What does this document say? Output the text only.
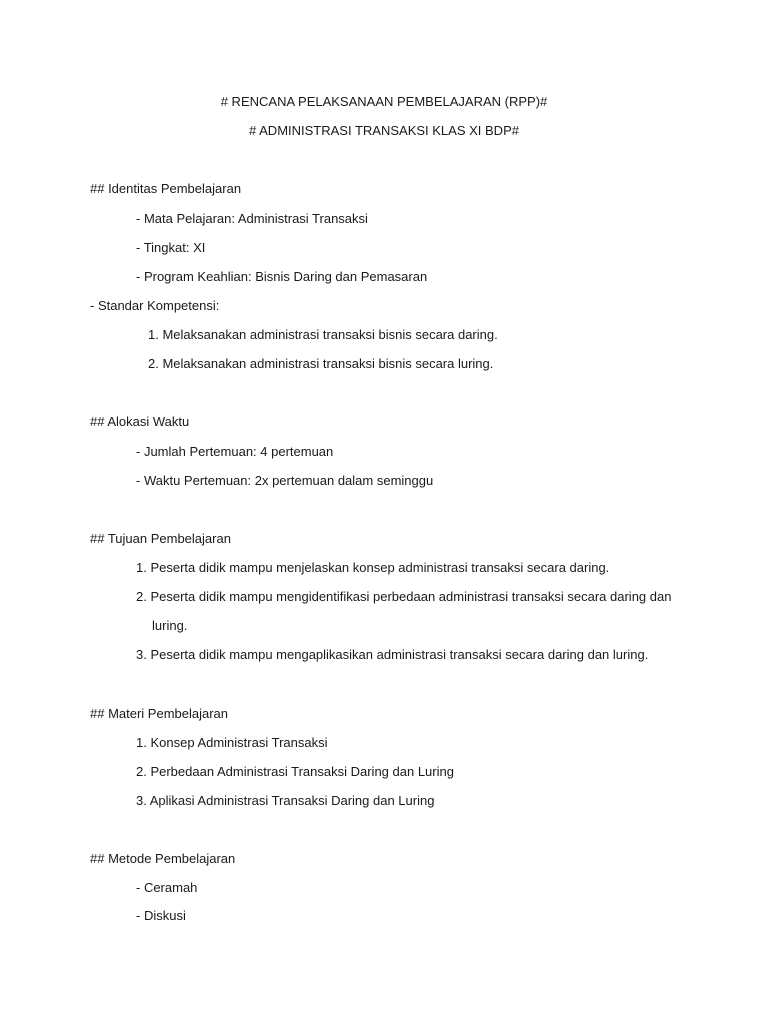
# RENCANA PELAKSANAAN PEMBELAJARAN (RPP)#
# ADMINISTRASI TRANSAKSI KLAS XI BDP#
## Identitas Pembelajaran
- Mata Pelajaran: Administrasi Transaksi
- Tingkat: XI
- Program Keahlian: Bisnis Daring dan Pemasaran
- Standar Kompetensi:
1. Melaksanakan administrasi transaksi bisnis secara daring.
2. Melaksanakan administrasi transaksi bisnis secara luring.
## Alokasi Waktu
- Jumlah Pertemuan: 4 pertemuan
- Waktu Pertemuan: 2x pertemuan dalam seminggu
## Tujuan Pembelajaran
1. Peserta didik mampu menjelaskan konsep administrasi transaksi secara daring.
2. Peserta didik mampu mengidentifikasi perbedaan administrasi transaksi secara daring dan
luring.
3. Peserta didik mampu mengaplikasikan administrasi transaksi secara daring dan luring.
## Materi Pembelajaran
1. Konsep Administrasi Transaksi
2. Perbedaan Administrasi Transaksi Daring dan Luring
3. Aplikasi Administrasi Transaksi Daring dan Luring
## Metode Pembelajaran
- Ceramah
- Diskusi
